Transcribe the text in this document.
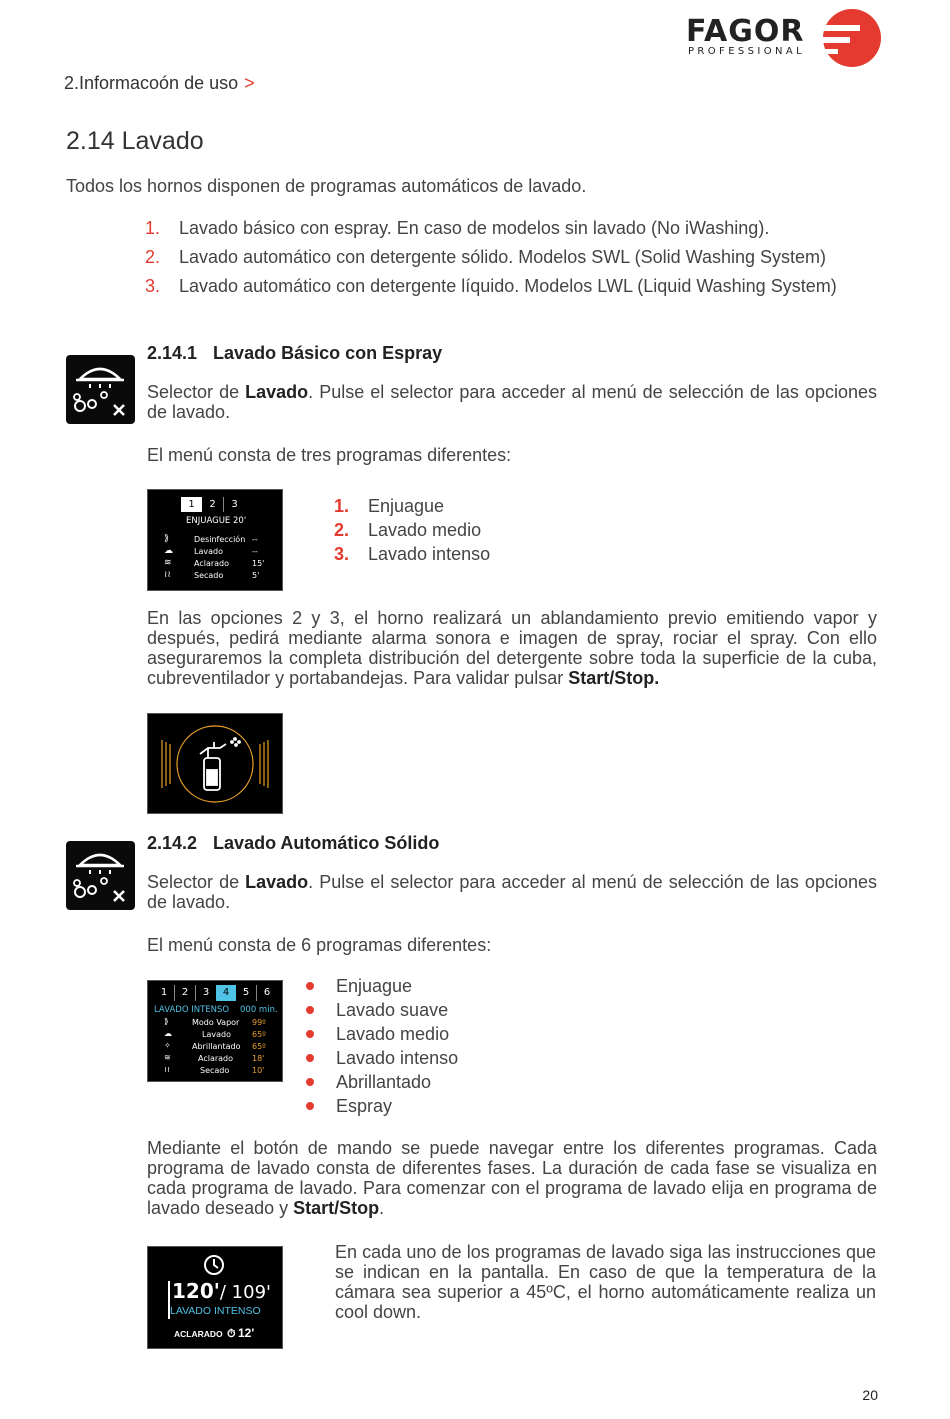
FAGOR
PROFESSIONAL
2.Informacoón de uso >
2.14 Lavado
Todos los hornos disponen de programas automáticos de lavado.
1. Lavado básico con espray. En caso de modelos sin lavado (No iWashing).
2. Lavado automático con detergente sólido. Modelos SWL (Solid Washing System)
3. Lavado automático con detergente líquido. Modelos LWL (Liquid Washing System)
2.14.1 Lavado Básico con Espray
Selector de Lavado. Pulse el selector para acceder al menú de selección de las opciones de lavado.
El menú consta de tres programas diferentes:
1	2	3
ENJUAGUE 20'
⟫
☁
≋
≀≀
Desinfección --
Lavado	--
Aclarado	15'
Secado	5'
1. Enjuague
2. Lavado medio
3. Lavado intenso
En las opciones 2 y 3, el horno realizará un ablandamiento previo emitiendo vapor y después, pedirá mediante alarma sonora e imagen de spray, rociar el spray. Con ello aseguraremos la completa distribución del detergente sobre toda la superficie de la cuba, cubreventilador y portabandejas. Para validar pulsar Start/Stop.
2.14.2 Lavado Automático Sólido
Selector de Lavado. Pulse el selector para acceder al menú de selección de las opciones de lavado.
El menú consta de 6 programas diferentes:
1	2	3	4	5	6
LAVADO INTENSO 000 min.
⟫
☁
✧
≋
≀≀
Modo Vapor 99º
Lavado	65º
Abrillantado 65º
Aclarado 18'
Secado	10'
Enjuague
Lavado suave
Lavado medio
Lavado intenso
Abrillantado
Espray
Mediante el botón de mando se puede navegar entre los diferentes programas. Cada programa de lavado consta de diferentes fases. La duración de cada fase se visualiza en cada programa de lavado. Para comenzar con el programa de lavado elija en programa de lavado deseado y Start/Stop.
120'/ 109'
LAVADO INTENSO
ACLARADO ⏱ 12'
En cada uno de los programas de lavado siga las instrucciones que se indican en la pantalla. En caso de que la temperatura de la cámara sea superior a 45ºC, el horno automáticamente realiza un cool down.
20
